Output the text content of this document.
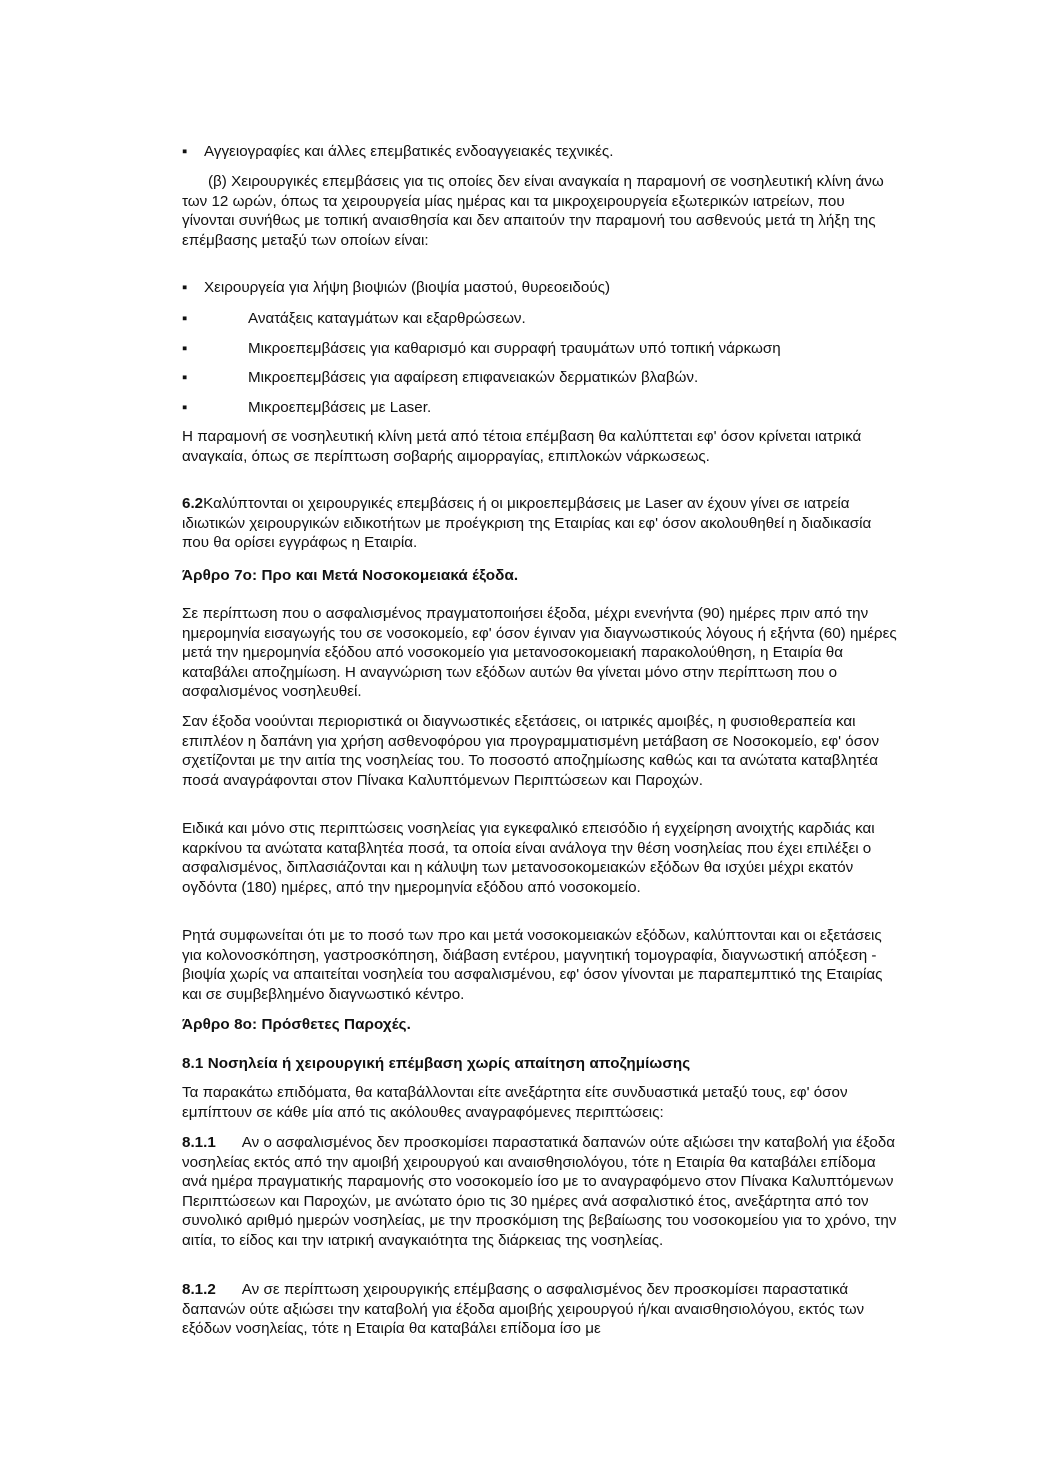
▪ Αγγειογραφίες και άλλες επεμβατικές ενδοαγγειακές τεχνικές.

(β) Χειρουργικές επεμβάσεις για τις οποίες δεν είναι αναγκαία η παραμονή σε νοσηλευτική κλίνη άνω των 12 ωρών, όπως τα χειρουργεία μίας ημέρας και τα μικροχειρουργεία εξωτερικών ιατρείων, που γίνονται συνήθως με τοπική αναισθησία και δεν απαιτούν την παραμονή του ασθενούς μετά τη λήξη της επέμβασης μεταξύ των οποίων είναι:

▪ Χειρουργεία για λήψη βιοψιών (βιοψία μαστού, θυρεοειδούς)
▪	Ανατάξεις καταγμάτων και εξαρθρώσεων.
▪	Μικροεπεμβάσεις για καθαρισμό και συρραφή τραυμάτων υπό τοπική νάρκωση
▪	Μικροεπεμβάσεις για αφαίρεση επιφανειακών δερματικών βλαβών.
▪	Μικροεπεμβάσεις με Laser.

Η παραμονή σε νοσηλευτική κλίνη μετά από τέτοια επέμβαση θα καλύπτεται εφ' όσον κρίνεται ιατρικά αναγκαία, όπως σε περίπτωση σοβαρής αιμορραγίας, επιπλοκών νάρκωσεως.

6.2Καλύπτονται οι χειρουργικές επεμβάσεις ή οι μικροεπεμβάσεις με Laser αν έχουν γίνει σε ιατρεία ιδιωτικών χειρουργικών ειδικοτήτων με προέγκριση της Εταιρίας και εφ' όσον ακολουθηθεί η διαδικασία που θα ορίσει εγγράφως η Εταιρία.

Άρθρο 7ο: Προ και Μετά Νοσοκομειακά έξοδα.

Σε περίπτωση που ο ασφαλισμένος πραγματοποιήσει έξοδα, μέχρι ενενήντα (90) ημέρες πριν από την ημερομηνία εισαγωγής του σε νοσοκομείο, εφ' όσον έγιναν για διαγνωστικούς λόγους ή εξήντα (60) ημέρες μετά την ημερομηνία εξόδου από νοσοκομείο για μετανοσοκομειακή παρακολούθηση, η Εταιρία θα καταβάλει αποζημίωση. Η αναγνώριση των εξόδων αυτών θα γίνεται μόνο στην περίπτωση που ο ασφαλισμένος νοσηλευθεί.

Σαν έξοδα νοούνται περιοριστικά οι διαγνωστικές εξετάσεις, οι ιατρικές αμοιβές, η φυσιοθεραπεία και επιπλέον η δαπάνη για χρήση ασθενοφόρου για προγραμματισμένη μετάβαση σε Νοσοκομείο, εφ' όσον σχετίζονται με την αιτία της νοσηλείας του. Το ποσοστό αποζημίωσης καθώς και τα ανώτατα καταβλητέα ποσά αναγράφονται στον Πίνακα Καλυπτόμενων Περιπτώσεων και Παροχών.

Ειδικά και μόνο στις περιπτώσεις νοσηλείας για εγκεφαλικό επεισόδιο ή εγχείρηση ανοιχτής καρδιάς και καρκίνου τα ανώτατα καταβλητέα ποσά, τα οποία είναι ανάλογα την θέση νοσηλείας που έχει επιλέξει ο ασφαλισμένος, διπλασιάζονται και η κάλυψη των μετανοσοκομειακών εξόδων θα ισχύει μέχρι εκατόν ογδόντα (180) ημέρες, από την ημερομηνία εξόδου από νοσοκομείο.

Ρητά συμφωνείται ότι με το ποσό των προ και μετά νοσοκομειακών εξόδων, καλύπτονται και οι εξετάσεις για κολονοσκόπηση, γαστροσκόπηση, διάβαση εντέρου, μαγνητική τομογραφία, διαγνωστική απόξεση - βιοψία χωρίς να απαιτείται νοσηλεία του ασφαλισμένου, εφ' όσον γίνονται με παραπεμπτικό της Εταιρίας και σε συμβεβλημένο διαγνωστικό κέντρο.

Άρθρο 8ο: Πρόσθετες Παροχές.
8.1 Νοσηλεία ή χειρουργική επέμβαση χωρίς απαίτηση αποζημίωσης

Τα παρακάτω επιδόματα, θα καταβάλλονται είτε ανεξάρτητα είτε συνδυαστικά μεταξύ τους, εφ' όσον εμπίπτουν σε κάθε μία από τις ακόλουθες αναγραφόμενες περιπτώσεις:

8.1.1 Αν ο ασφαλισμένος δεν προσκομίσει παραστατικά δαπανών ούτε αξιώσει την καταβολή για έξοδα νοσηλείας εκτός από την αμοιβή χειρουργού και αναισθησιολόγου, τότε η Εταιρία θα καταβάλει επίδομα ανά ημέρα πραγματικής παραμονής στο νοσοκομείο ίσο με το αναγραφόμενο στον Πίνακα Καλυπτόμενων Περιπτώσεων και Παροχών, με ανώτατο όριο τις 30 ημέρες ανά ασφαλιστικό έτος, ανεξάρτητα από τον συνολικό αριθμό ημερών νοσηλείας, με την προσκόμιση της βεβαίωσης του νοσοκομείου για το χρόνο, την αιτία, το είδος και την ιατρική αναγκαιότητα της διάρκειας της νοσηλείας.

8.1.2 Αν σε περίπτωση χειρουργικής επέμβασης ο ασφαλισμένος δεν προσκομίσει παραστατικά δαπανών ούτε αξιώσει την καταβολή για έξοδα αμοιβής χειρουργού ή/και αναισθησιολόγου, εκτός των εξόδων νοσηλείας, τότε η Εταιρία θα καταβάλει επίδομα ίσο με
